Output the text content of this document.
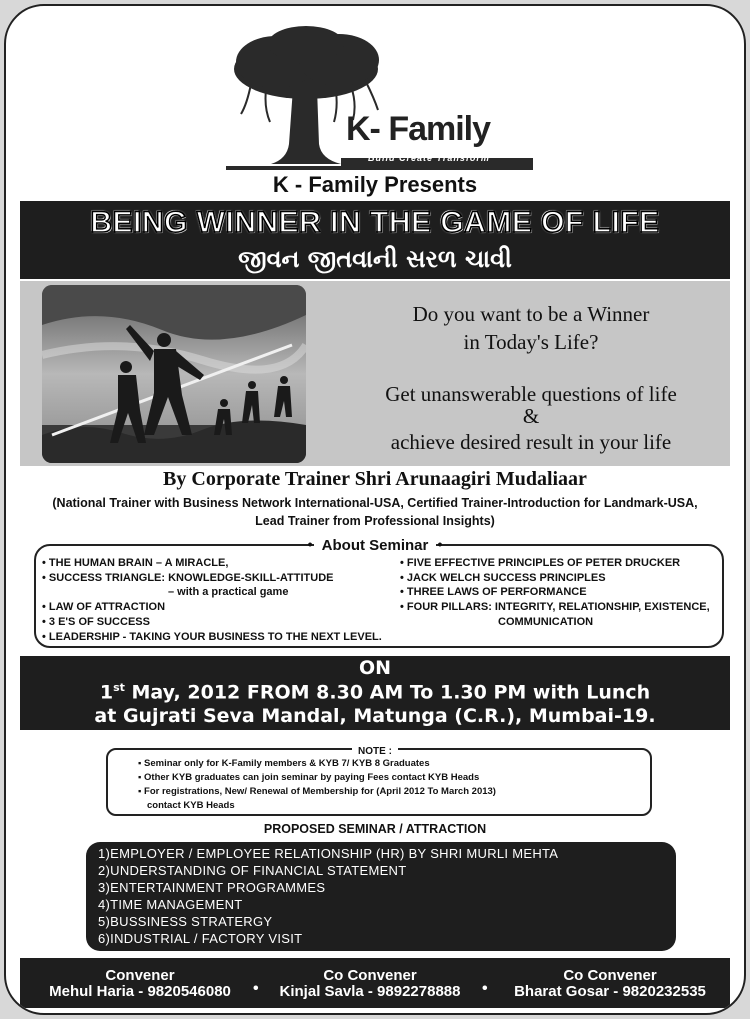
K- Family
Build Create Transform
K - Family Presents
BEING WINNER IN THE GAME OF LIFE
જીવન જીતવાની સરળ ચાવી
Do you want to be a Winner
in Today's Life?
Get unanswerable questions of life
&
achieve desired result in your life
By Corporate Trainer Shri Arunaagiri Mudaliaar
(National Trainer with Business Network International-USA, Certified Trainer-Introduction for Landmark-USA,
Lead Trainer from Professional Insights)
• About Seminar •
• THE HUMAN BRAIN – A MIRACLE,
• SUCCESS TRIANGLE: KNOWLEDGE-SKILL-ATTITUDE
– with a practical game
• LAW OF ATTRACTION
• 3 E'S OF SUCCESS
• LEADERSHIP - TAKING YOUR BUSINESS TO THE NEXT LEVEL.
• FIVE EFFECTIVE PRINCIPLES OF PETER DRUCKER
• JACK WELCH SUCCESS PRINCIPLES
• THREE LAWS OF PERFORMANCE
• FOUR PILLARS: INTEGRITY, RELATIONSHIP, EXISTENCE,
COMMUNICATION
ON
1st May, 2012 FROM 8.30 AM To 1.30 PM with Lunch
at Gujrati Seva Mandal, Matunga (C.R.), Mumbai-19.
NOTE :
▪ Seminar only for K-Family members & KYB 7/ KYB 8 Graduates
▪ Other KYB graduates can join seminar by paying Fees contact KYB Heads
▪ For registrations, New/ Renewal of Membership for (April 2012 To March 2013)
contact KYB Heads
PROPOSED SEMINAR / ATTRACTION
1)EMPLOYER / EMPLOYEE RELATIONSHIP (HR) BY SHRI MURLI MEHTA
2)UNDERSTANDING OF FINANCIAL STATEMENT
3)ENTERTAINMENT PROGRAMMES
4)TIME MANAGEMENT
5)BUSSINESS STRATERGY
6)INDUSTRIAL / FACTORY VISIT
Convener
Mehul Haria - 9820546080	•
Co Convener
Kinjal Savla - 9892278888	•
Co Convener
Bharat Gosar - 9820232535
